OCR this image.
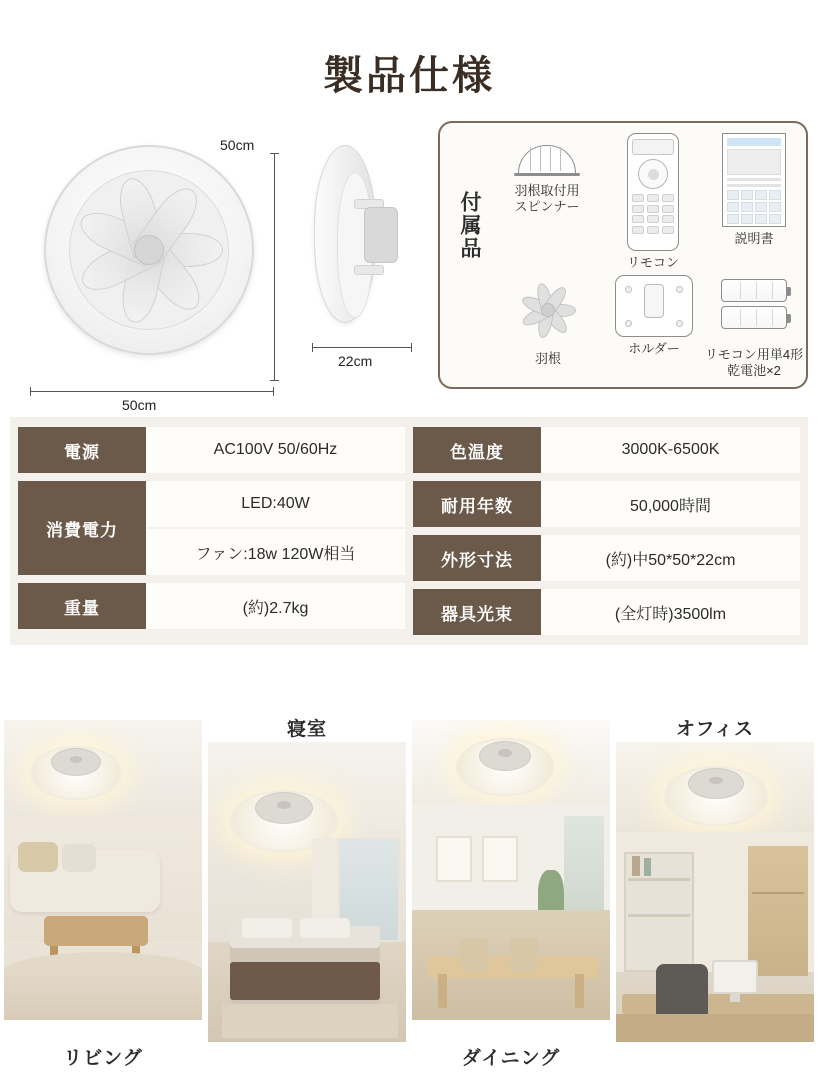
製品仕様
50cm
50cm
22cm
付属品
羽根取付用
スピンナー
リモコン
説明書
羽根
ホルダー	リモコン用単4形
乾電池×2
電源	AC100V 50/60Hz
消費電力
LED:40W
ファン:18w 120W相当
重量	(約)2.7kg
色温度	3000K-6500K
耐用年数	50,000時間
外形寸法	(約)中50*50*22cm
器具光束	(全灯時)3500lm
リビング
寝室
ダイニング
オフィス
